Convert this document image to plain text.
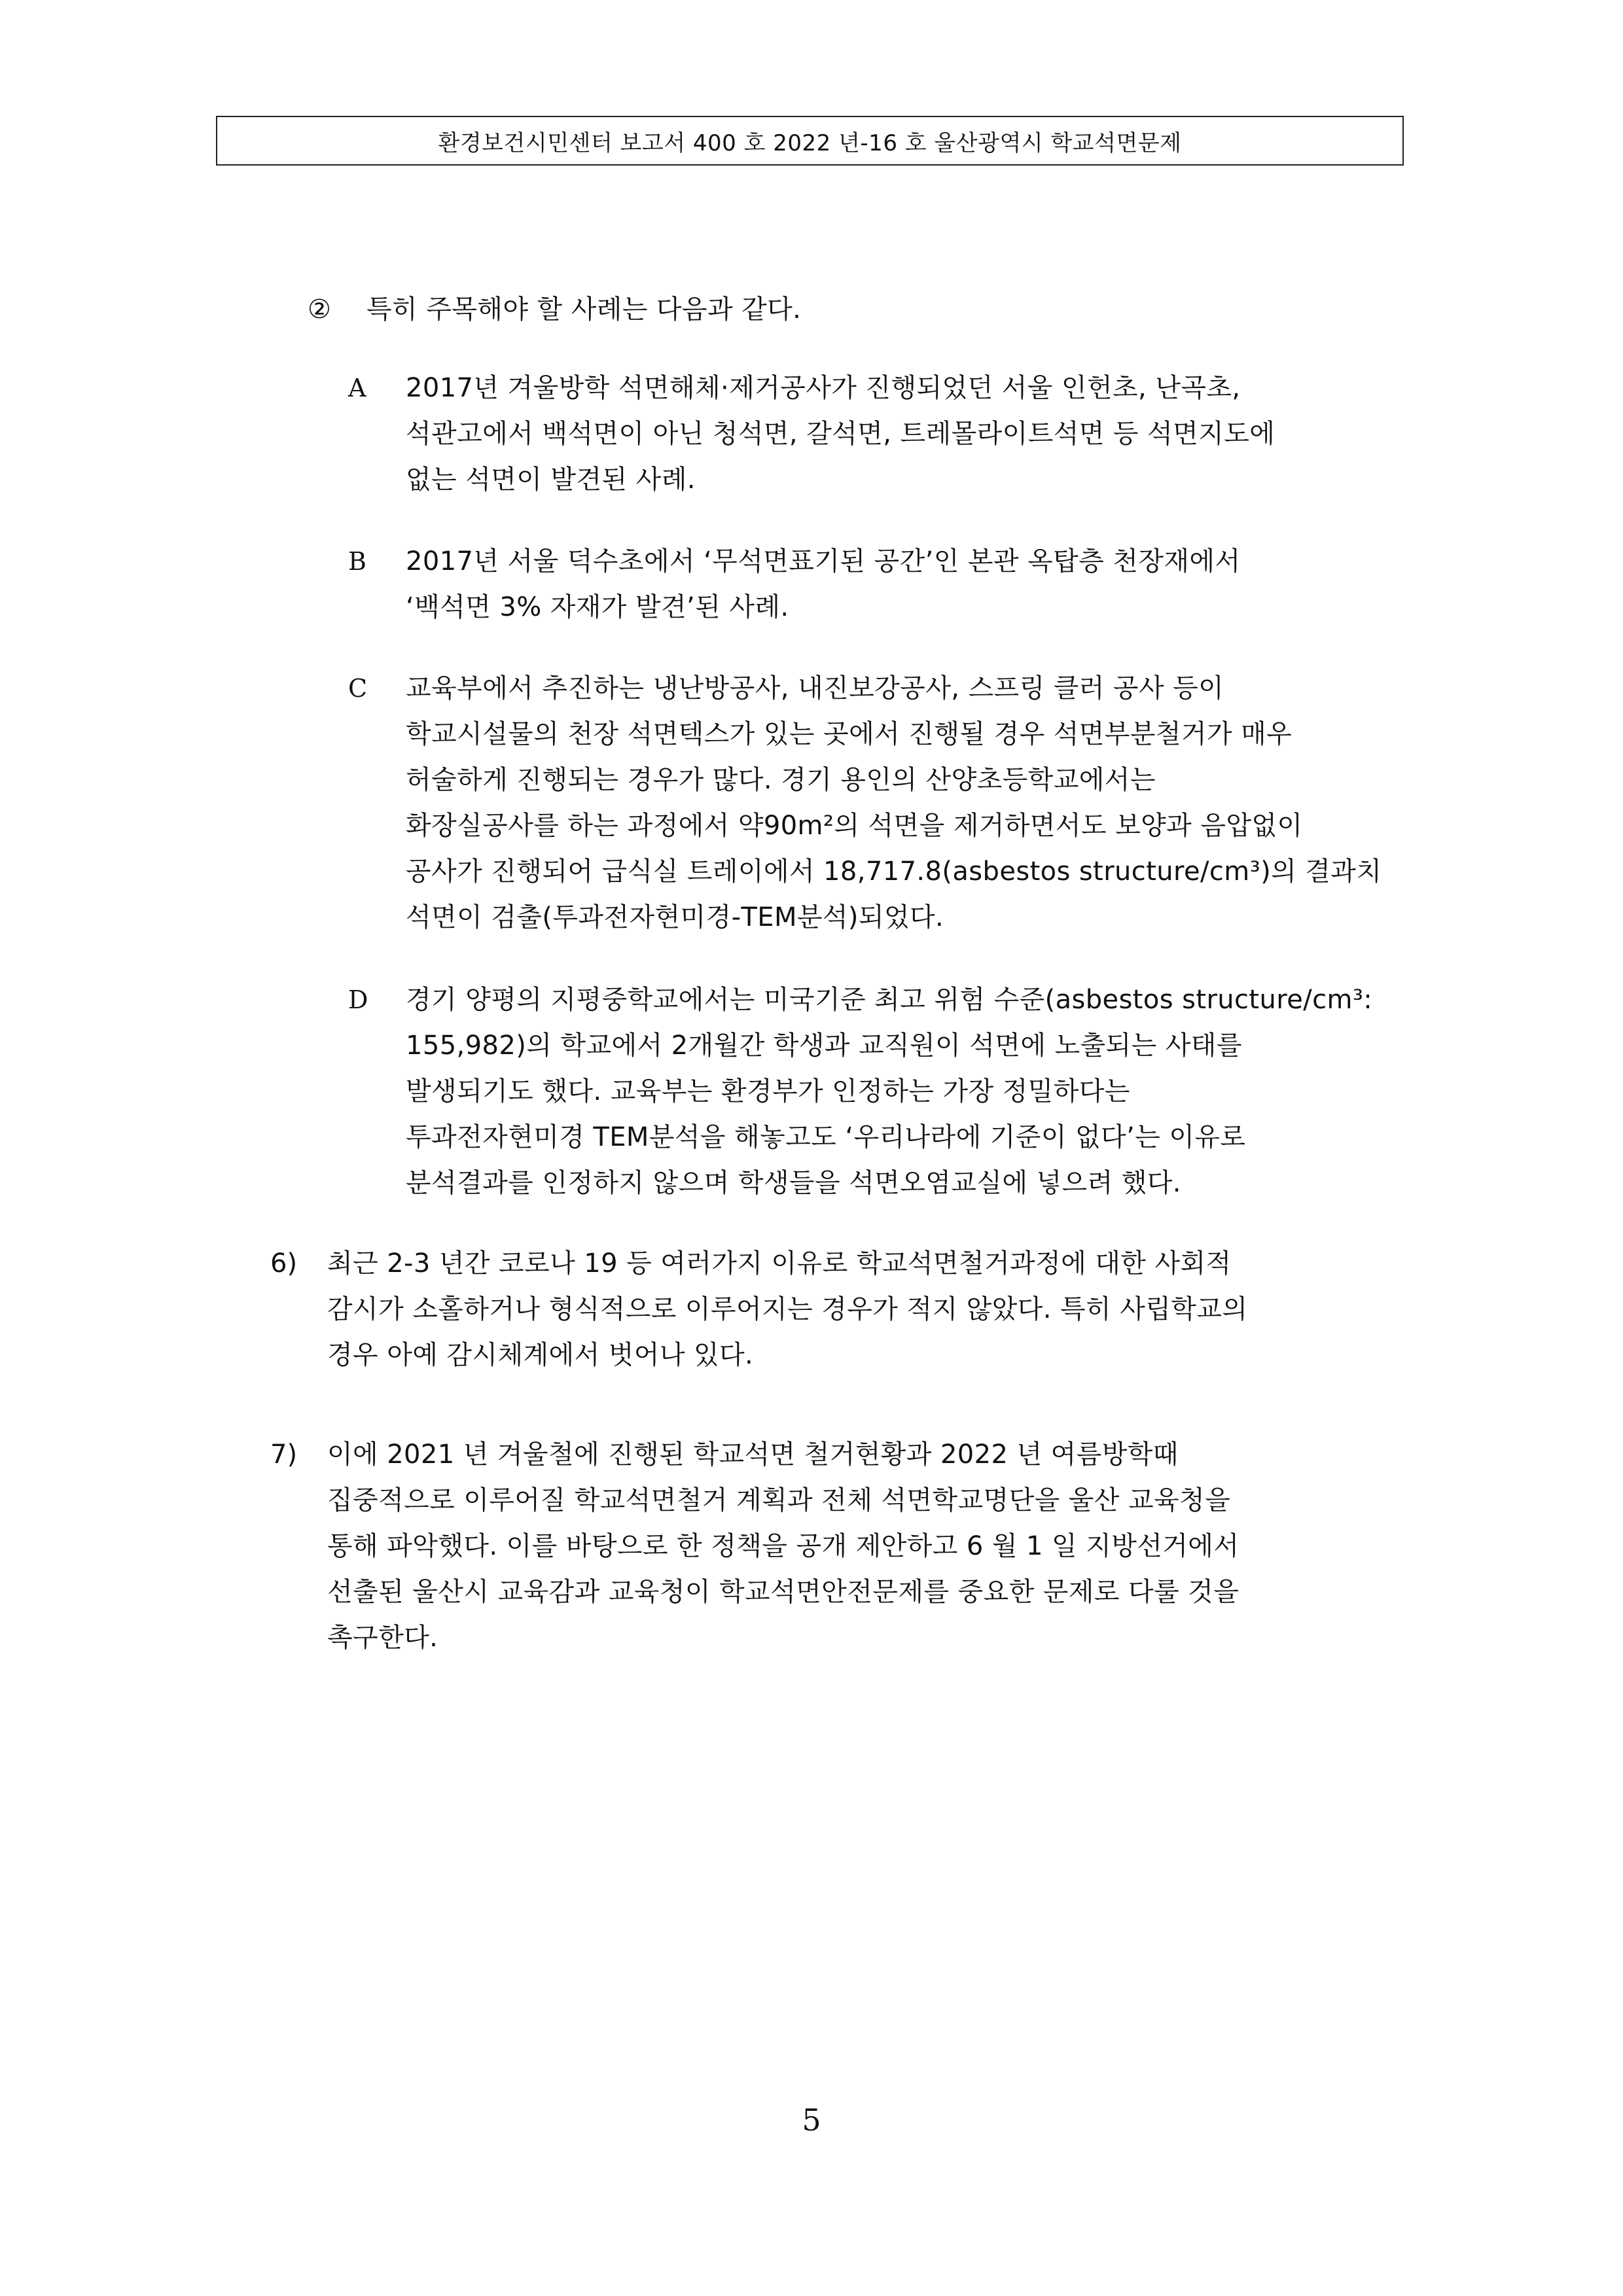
환경보건시민센터 보고서 400 호 2022 년-16 호 울산광역시 학교석면문제
② 특히 주목해야 할 사례는 다음과 같다.
A 2017년 겨울방학 석면해체·제거공사가 진행되었던 서울 인헌초, 난곡초,
석관고에서 백석면이 아닌 청석면, 갈석면, 트레몰라이트석면 등 석면지도에
없는 석면이 발견된 사례.
B 2017년 서울 덕수초에서 ‘무석면표기된 공간’인 본관 옥탑층 천장재에서
‘백석면 3% 자재가 발견’된 사례.
C 교육부에서 추진하는 냉난방공사, 내진보강공사, 스프링 클러 공사 등이
학교시설물의 천장 석면텍스가 있는 곳에서 진행될 경우 석면부분철거가 매우
허술하게 진행되는 경우가 많다. 경기 용인의 산양초등학교에서는
화장실공사를 하는 과정에서 약90m²의 석면을 제거하면서도 보양과 음압없이
공사가 진행되어 급식실 트레이에서 18,717.8(asbestos structure/cm³)의 결과치
석면이 검출(투과전자현미경-TEM분석)되었다.
D 경기 양평의 지평중학교에서는 미국기준 최고 위험 수준(asbestos structure/cm³:
155,982)의 학교에서 2개월간 학생과 교직원이 석면에 노출되는 사태를
발생되기도 했다. 교육부는 환경부가 인정하는 가장 정밀하다는
투과전자현미경 TEM분석을 해놓고도 ‘우리나라에 기준이 없다’는 이유로
분석결과를 인정하지 않으며 학생들을 석면오염교실에 넣으려 했다.
6) 최근 2-3 년간 코로나 19 등 여러가지 이유로 학교석면철거과정에 대한 사회적
감시가 소홀하거나 형식적으로 이루어지는 경우가 적지 않았다. 특히 사립학교의
경우 아예 감시체계에서 벗어나 있다.
7) 이에 2021 년 겨울철에 진행된 학교석면 철거현황과 2022 년 여름방학때
집중적으로 이루어질 학교석면철거 계획과 전체 석면학교명단을 울산 교육청을
통해 파악했다. 이를 바탕으로 한 정책을 공개 제안하고 6 월 1 일 지방선거에서
선출된 울산시 교육감과 교육청이 학교석면안전문제를 중요한 문제로 다룰 것을
촉구한다.
5
